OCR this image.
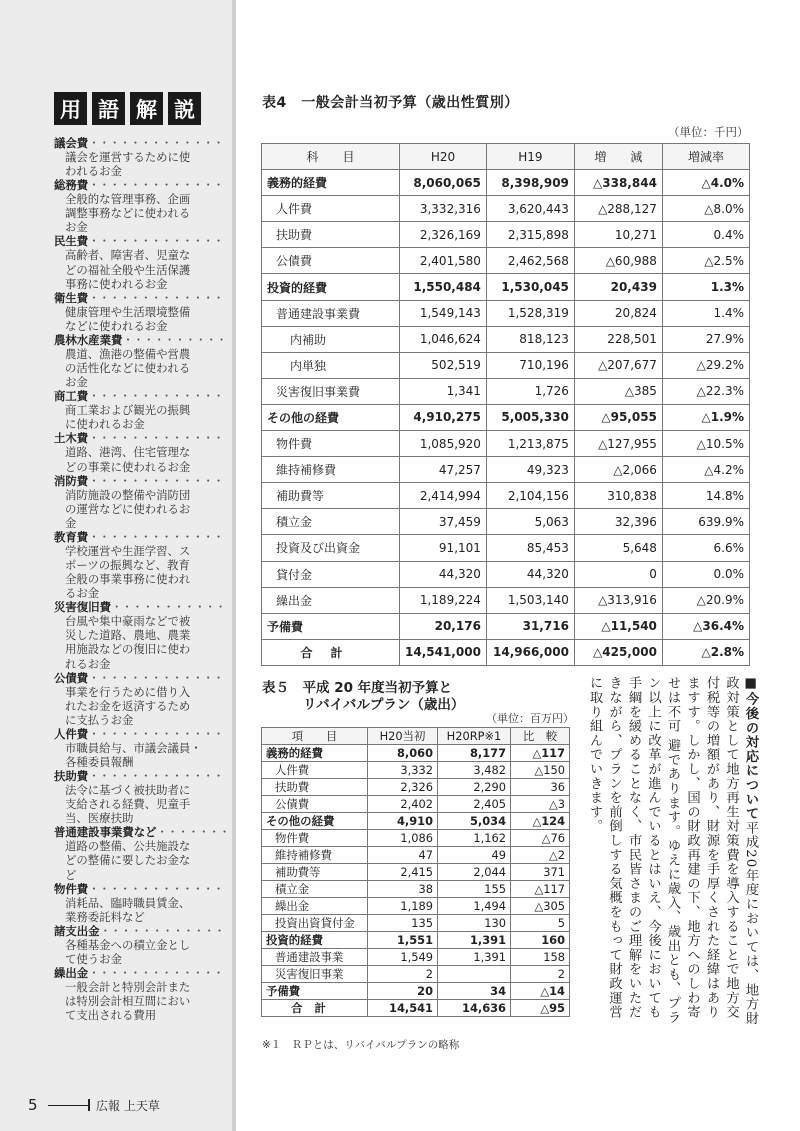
用 語 解 説
議会費 ・・・・・・・・・・・・・・・・・・・・・・・・・
議会を運営するために使
われるお金
総務費 ・・・・・・・・・・・・・・・・・・・・・・・・・
全般的な管理事務、企画
調整事務などに使われる
お金
民生費 ・・・・・・・・・・・・・・・・・・・・・・・・・
高齢者、障害者、児童な
どの福祉全般や生活保護
事務に使われるお金
衛生費 ・・・・・・・・・・・・・・・・・・・・・・・・・
健康管理や生活環境整備
などに使われるお金
農林水産業費 ・・・・・・・・・・・・・・・・・・・・・・・・・
農道、漁港の整備や営農
の活性化などに使われる
お金
商工費 ・・・・・・・・・・・・・・・・・・・・・・・・・
商工業および観光の振興
に使われるお金
土木費 ・・・・・・・・・・・・・・・・・・・・・・・・・
道路、港湾、住宅管理な
どの事業に使われるお金
消防費 ・・・・・・・・・・・・・・・・・・・・・・・・・
消防施設の整備や消防団
の運営などに使われるお
金
教育費 ・・・・・・・・・・・・・・・・・・・・・・・・・
学校運営や生涯学習、ス
ポーツの振興など、教育
全般の事業事務に使われ
るお金
災害復旧費 ・・・・・・・・・・・・・・・・・・・・・・・・・
台風や集中豪雨などで被
災した道路、農地、農業
用施設などの復旧に使わ
れるお金
公債費 ・・・・・・・・・・・・・・・・・・・・・・・・・
事業を行うために借り入
れたお金を返済するため
に支払うお金
人件費 ・・・・・・・・・・・・・・・・・・・・・・・・・
市職員給与、市議会議員・
各種委員報酬
扶助費 ・・・・・・・・・・・・・・・・・・・・・・・・・
法令に基づく被扶助者に
支給される経費、児童手
当、医療扶助
普通建設事業費など ・・・・・・・・・・・・・・・・・・・・・・・・・
道路の整備、公共施設な
どの整備に要したお金な
ど
物件費 ・・・・・・・・・・・・・・・・・・・・・・・・・
消耗品、臨時職員賃金、
業務委託料など
諸支出金 ・・・・・・・・・・・・・・・・・・・・・・・・・
各種基金への積立金とし
て使うお金
繰出金 ・・・・・・・・・・・・・・・・・・・・・・・・・
一般会計と特別会計また
は特別会計相互間におい
て支出される費用
表4　一般会計当初予算（歳出性質別）
（単位：千円）
科　　目	H20	H19	増　　減	増減率
義務的経費	8,060,065	8,398,909	△338,844	△4.0%
人件費	3,332,316	3,620,443	△288,127	△8.0%
扶助費	2,326,169	2,315,898	10,271	0.4%
公債費	2,401,580	2,462,568	△60,988	△2.5%
投資的経費	1,550,484	1,530,045	20,439	1.3%
普通建設事業費	1,549,143	1,528,319	20,824	1.4%
内補助	1,046,624	818,123	228,501	27.9%
内単独	502,519	710,196	△207,677	△29.2%
災害復旧事業費	1,341	1,726	△385	△22.3%
その他の経費	4,910,275	5,005,330	△95,055	△1.9%
物件費	1,085,920	1,213,875	△127,955	△10.5%
維持補修費	47,257	49,323	△2,066	△4.2%
補助費等	2,414,994	2,104,156	310,838	14.8%
積立金	37,459	5,063	32,396	639.9%
投資及び出資金	91,101	85,453	5,648	6.6%
貸付金	44,320	44,320	0	0.0%
繰出金	1,189,224	1,503,140	△313,916	△20.9%
予備費	20,176	31,716	△11,540	△36.4%
合計	14,541,000	14,966,000	△425,000	△2.8%
表５　平成 20 年度当初予算と
リバイバルプラン（歳出）
（単位：百万円）
項　　目	H20当初	H20RP※1	比　較
義務的経費	8,060	8,177	△117
人件費	3,332	3,482	△150
扶助費	2,326	2,290	36
公債費	2,402	2,405	△3
その他の経費	4,910	5,034	△124
物件費	1,086	1,162	△76
維持補修費	47	49	△2
補助費等	2,415	2,044	371
積立金	38	155	△117
繰出金	1,189	1,494	△305
投資出資貸付金	135	130	5
投資的経費	1,551	1,391	160
普通建設事業	1,549	1,391	158
災害復旧事業	2		2
予備費	20	34	△14
合計	14,541	14,636	△95
※１　ＲＰとは、リバイバルプランの略称
■今後の対応について平成20年度においては、地方財政対策として地方再生対策費を導入することで地方交付税等の増額があり、財源を手厚くされた経緯はありますす。しかし、国の財政再建の下、地方へのしわ寄せは不可 避であります。ゆえに歳入、歳出とも、プラン以上に改革が進んでいるとはいえ、今後においても手綱を緩めることなく、市民皆さまのご理解をいただきながら、プランを前倒しする気概をもって財政運営に取り組んでいきます。
5	広報 上天草
